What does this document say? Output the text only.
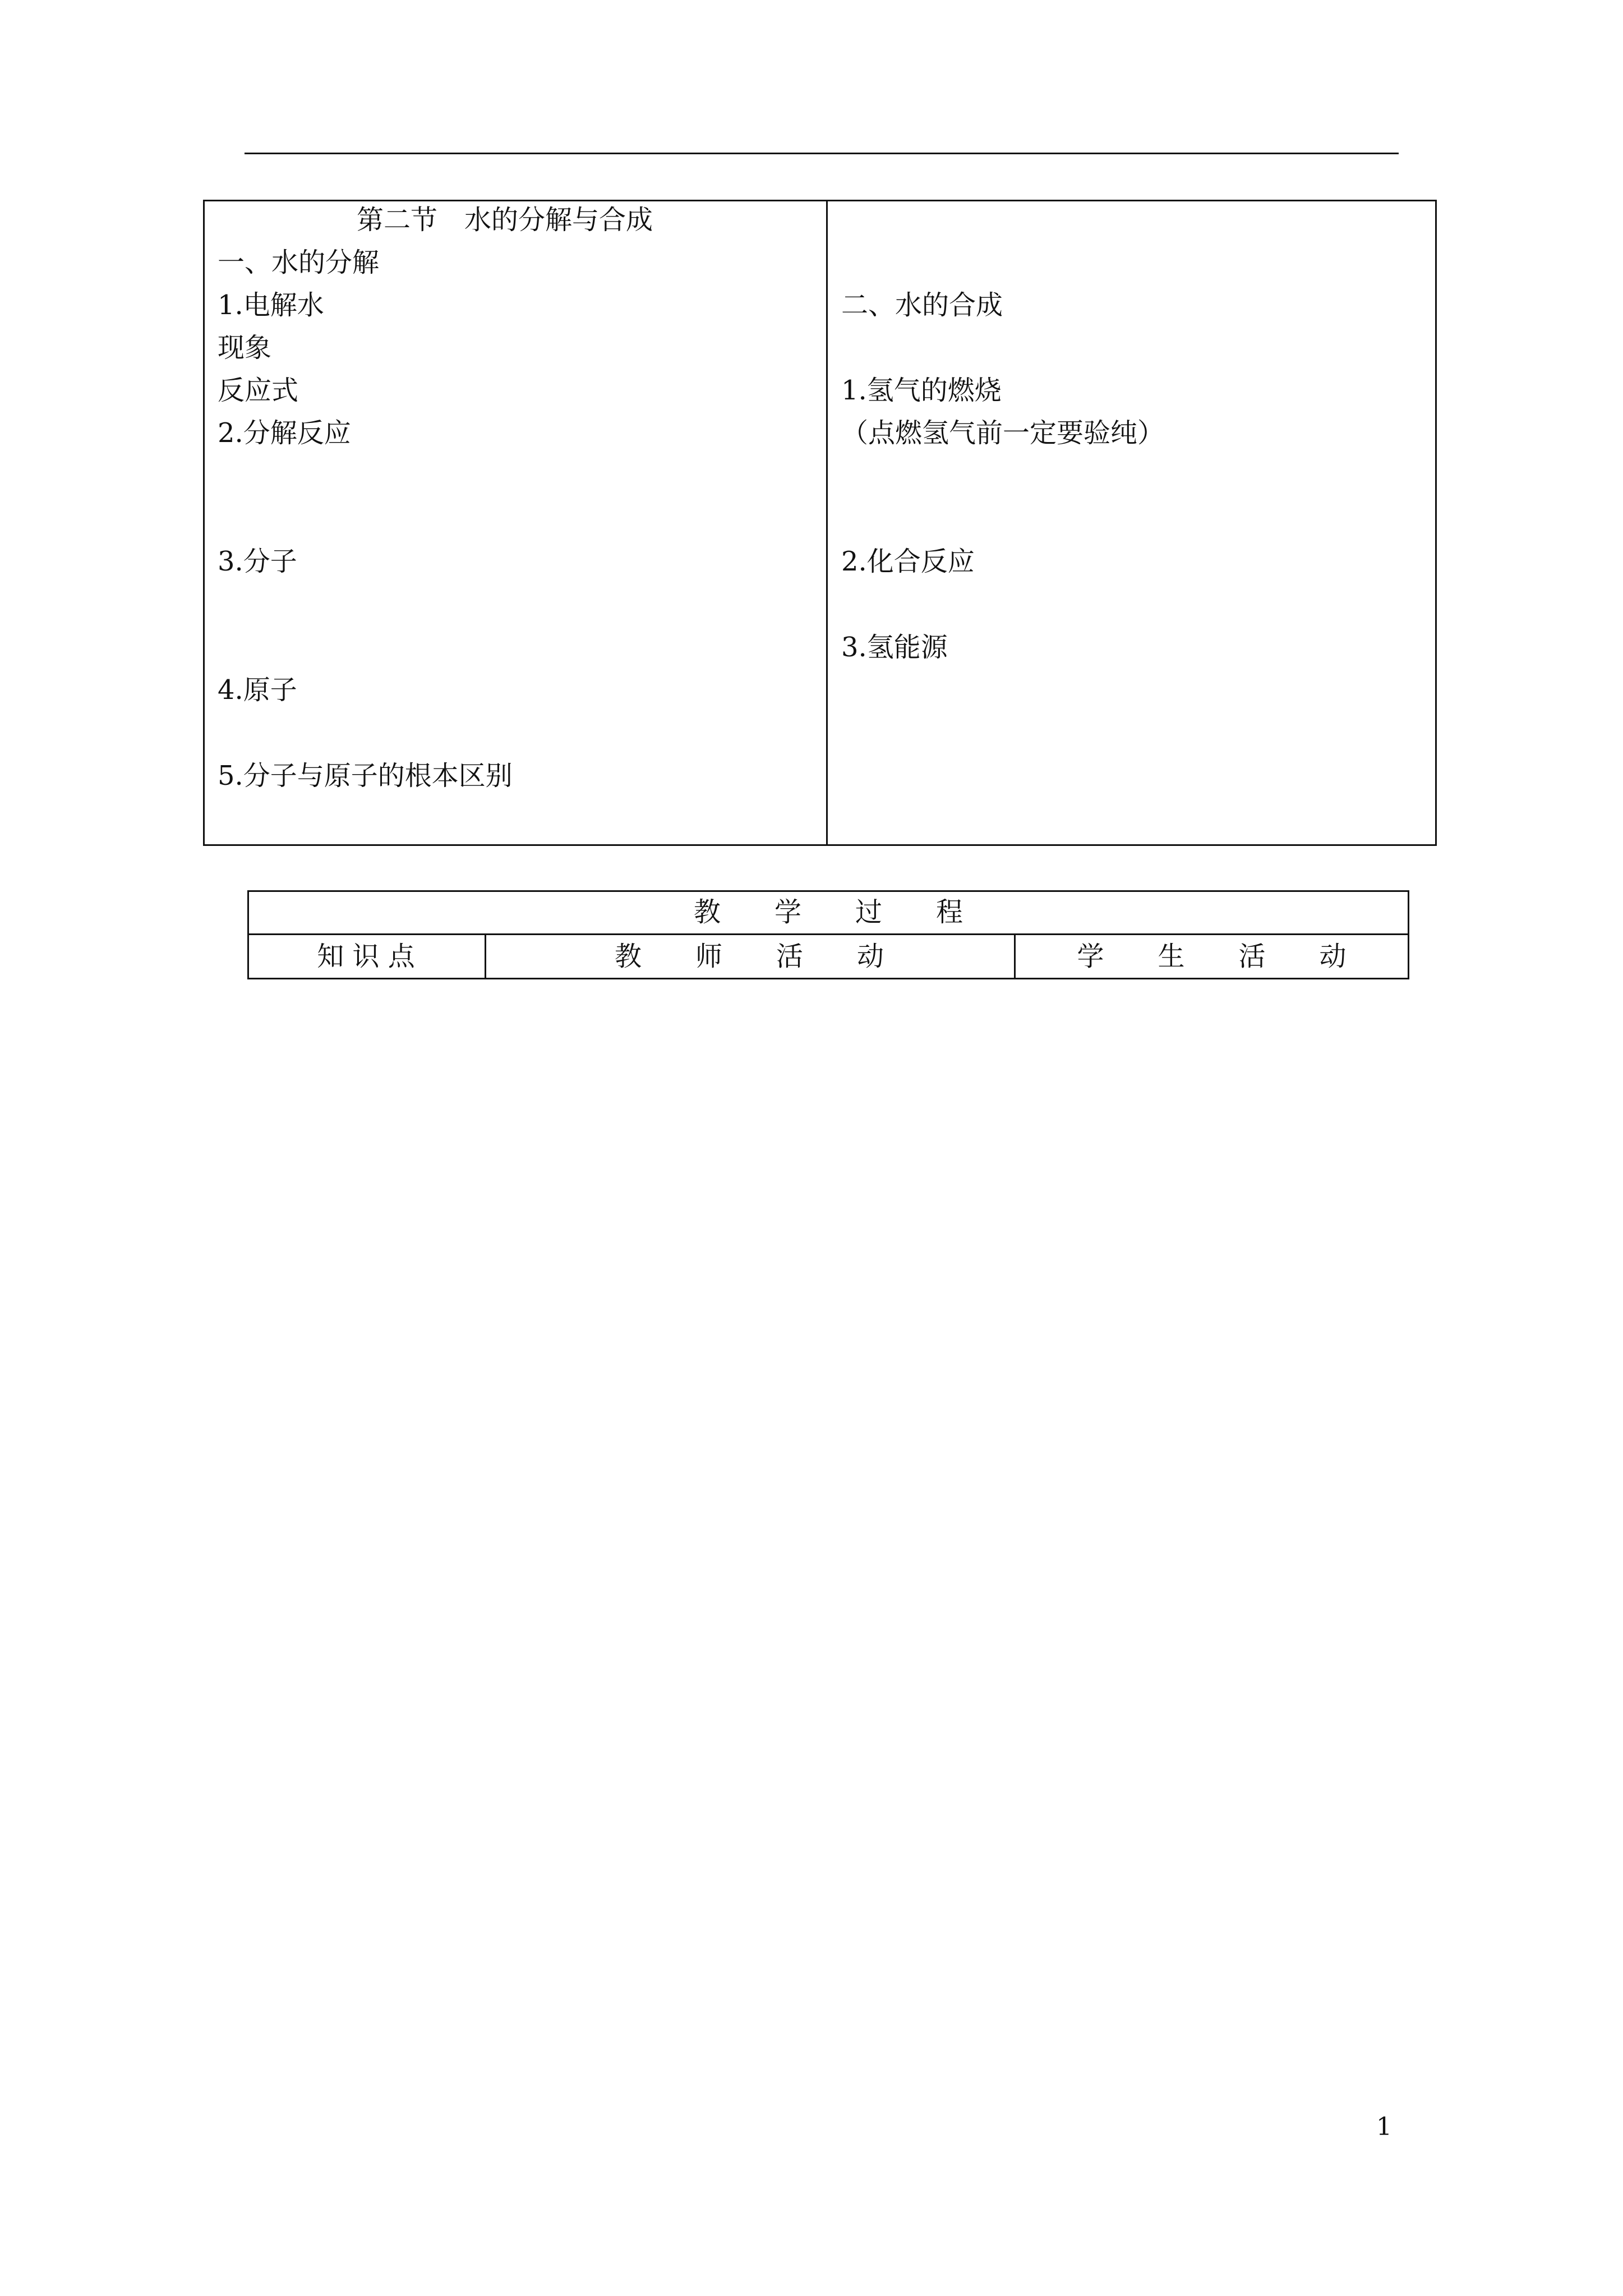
第二节　水的分解与合成
一、水的分解
1.电解水
现象
反应式
2.分解反应
3.分子
4.原子
5.分子与原子的根本区别
二、水的合成
1.氢气的燃烧
（点燃氢气前一定要验纯）
2.化合反应
3.氢能源
教　　学　　过　　程
知 识 点	教　　师　　活　　动	学　　生　　活　　动
1
